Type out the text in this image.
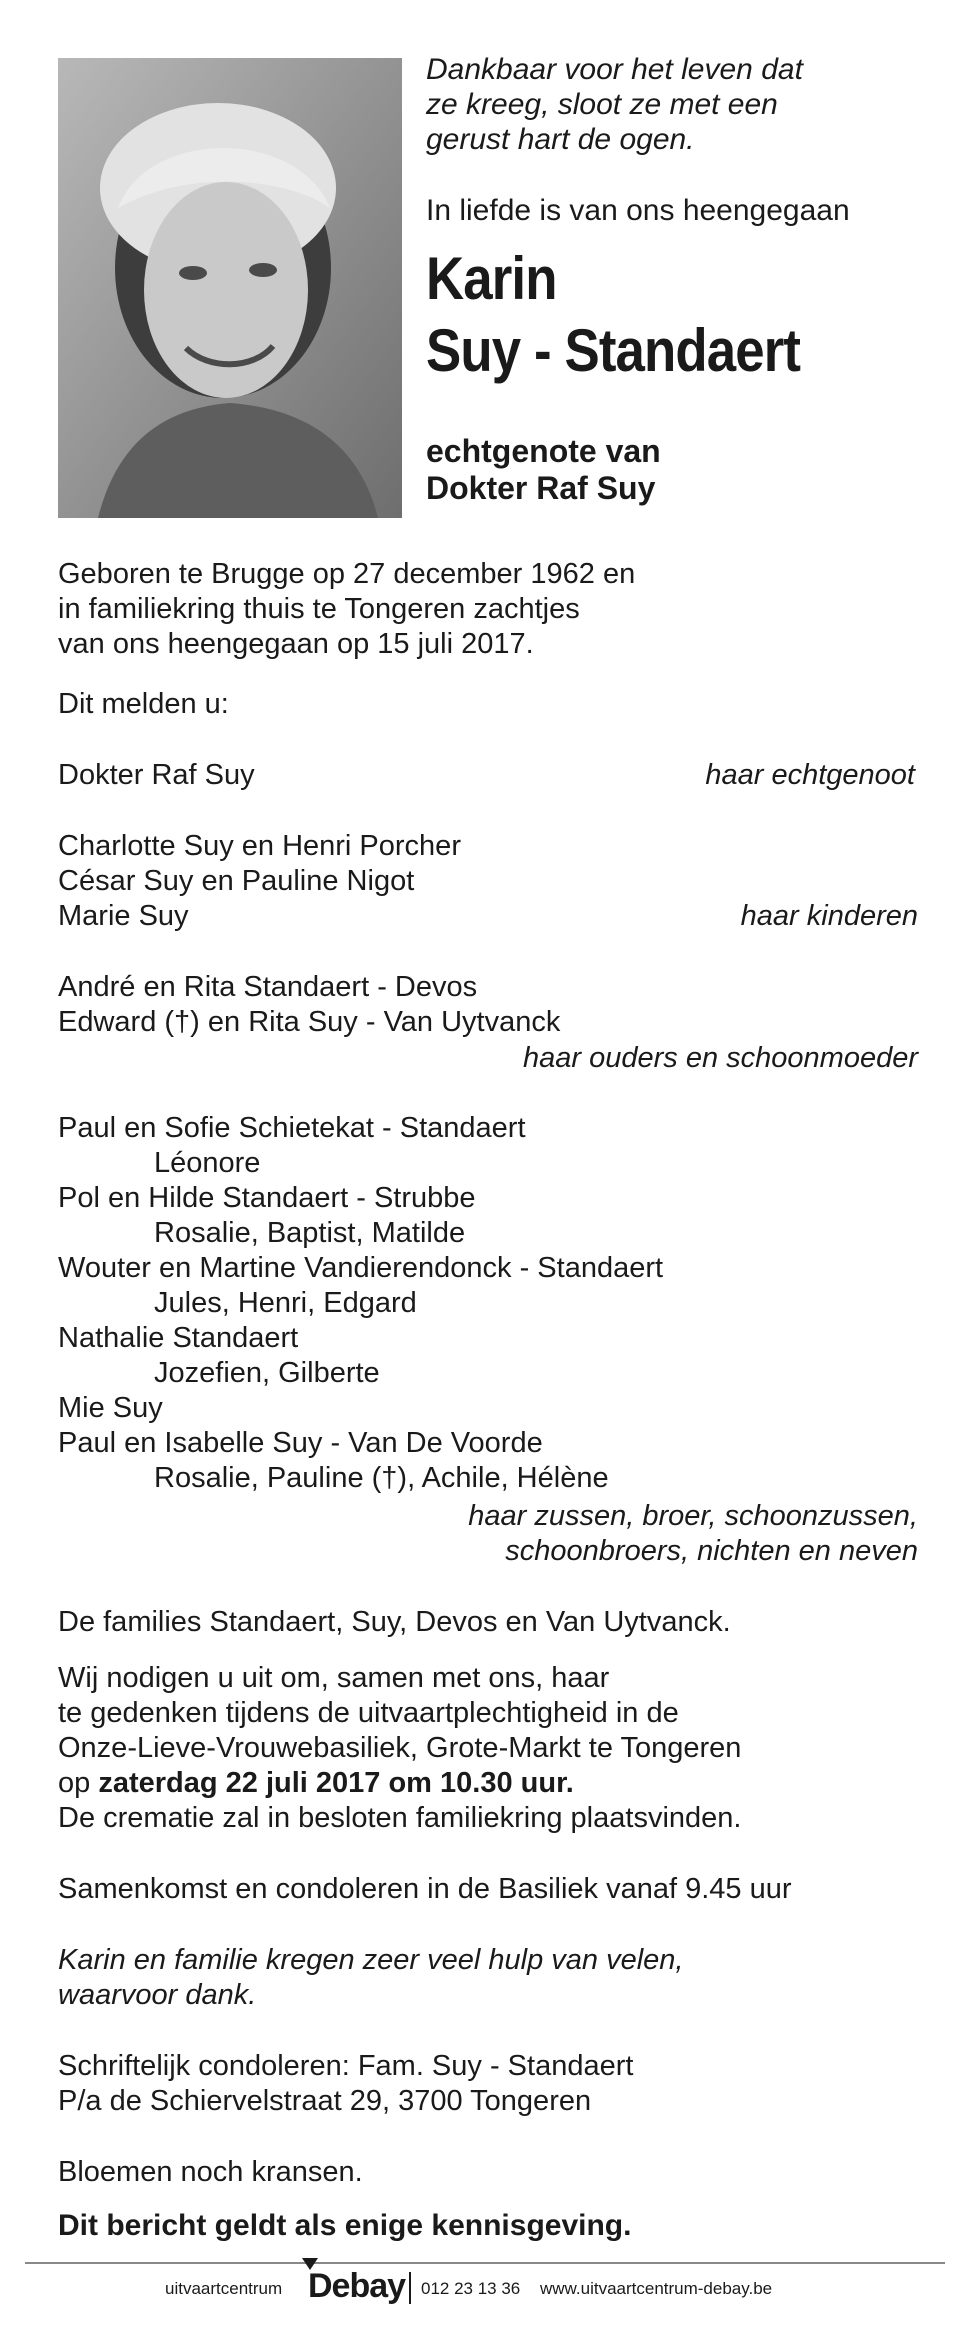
Dankbaar voor het leven dat
ze kreeg, sloot ze met een
gerust hart de ogen.
In liefde is van ons heengegaan
Karin
Suy - Standaert
echtgenote van
Dokter Raf Suy
Geboren te Brugge op 27 december 1962 en
in familiekring thuis te Tongeren zachtjes
van ons heengegaan op 15 juli 2017.
Dit melden u:
Dokter Raf Suy	haar echtgenoot
Charlotte Suy en Henri Porcher
César Suy en Pauline Nigot
Marie Suy	haar kinderen
André en Rita Standaert - Devos
Edward (†) en Rita Suy - Van Uytvanck
haar ouders en schoonmoeder
Paul en Sofie Schietekat - Standaert
Léonore
Pol en Hilde Standaert - Strubbe
Rosalie, Baptist, Matilde
Wouter en Martine Vandierendonck - Standaert
Jules, Henri, Edgard
Nathalie Standaert
Jozefien, Gilberte
Mie Suy
Paul en Isabelle Suy - Van De Voorde
Rosalie, Pauline (†), Achile, Hélène
haar zussen, broer, schoonzussen,
schoonbroers, nichten en neven
De families Standaert, Suy, Devos en Van Uytvanck.
Wij nodigen u uit om, samen met ons, haar
te gedenken tijdens de uitvaartplechtigheid in de
Onze-Lieve-Vrouwebasiliek, Grote-Markt te Tongeren
op zaterdag 22 juli 2017 om 10.30 uur.
De crematie zal in besloten familiekring plaatsvinden.
Samenkomst en condoleren in de Basiliek vanaf 9.45 uur
Karin en familie kregen zeer veel hulp van velen,
waarvoor dank.
Schriftelijk condoleren: Fam. Suy - Standaert
P/a de Schiervelstraat 29, 3700 Tongeren
Bloemen noch kransen.
Dit bericht geldt als enige kennisgeving.
uitvaartcentrum Debay 012 23 13 36 www.uitvaartcentrum-debay.be
